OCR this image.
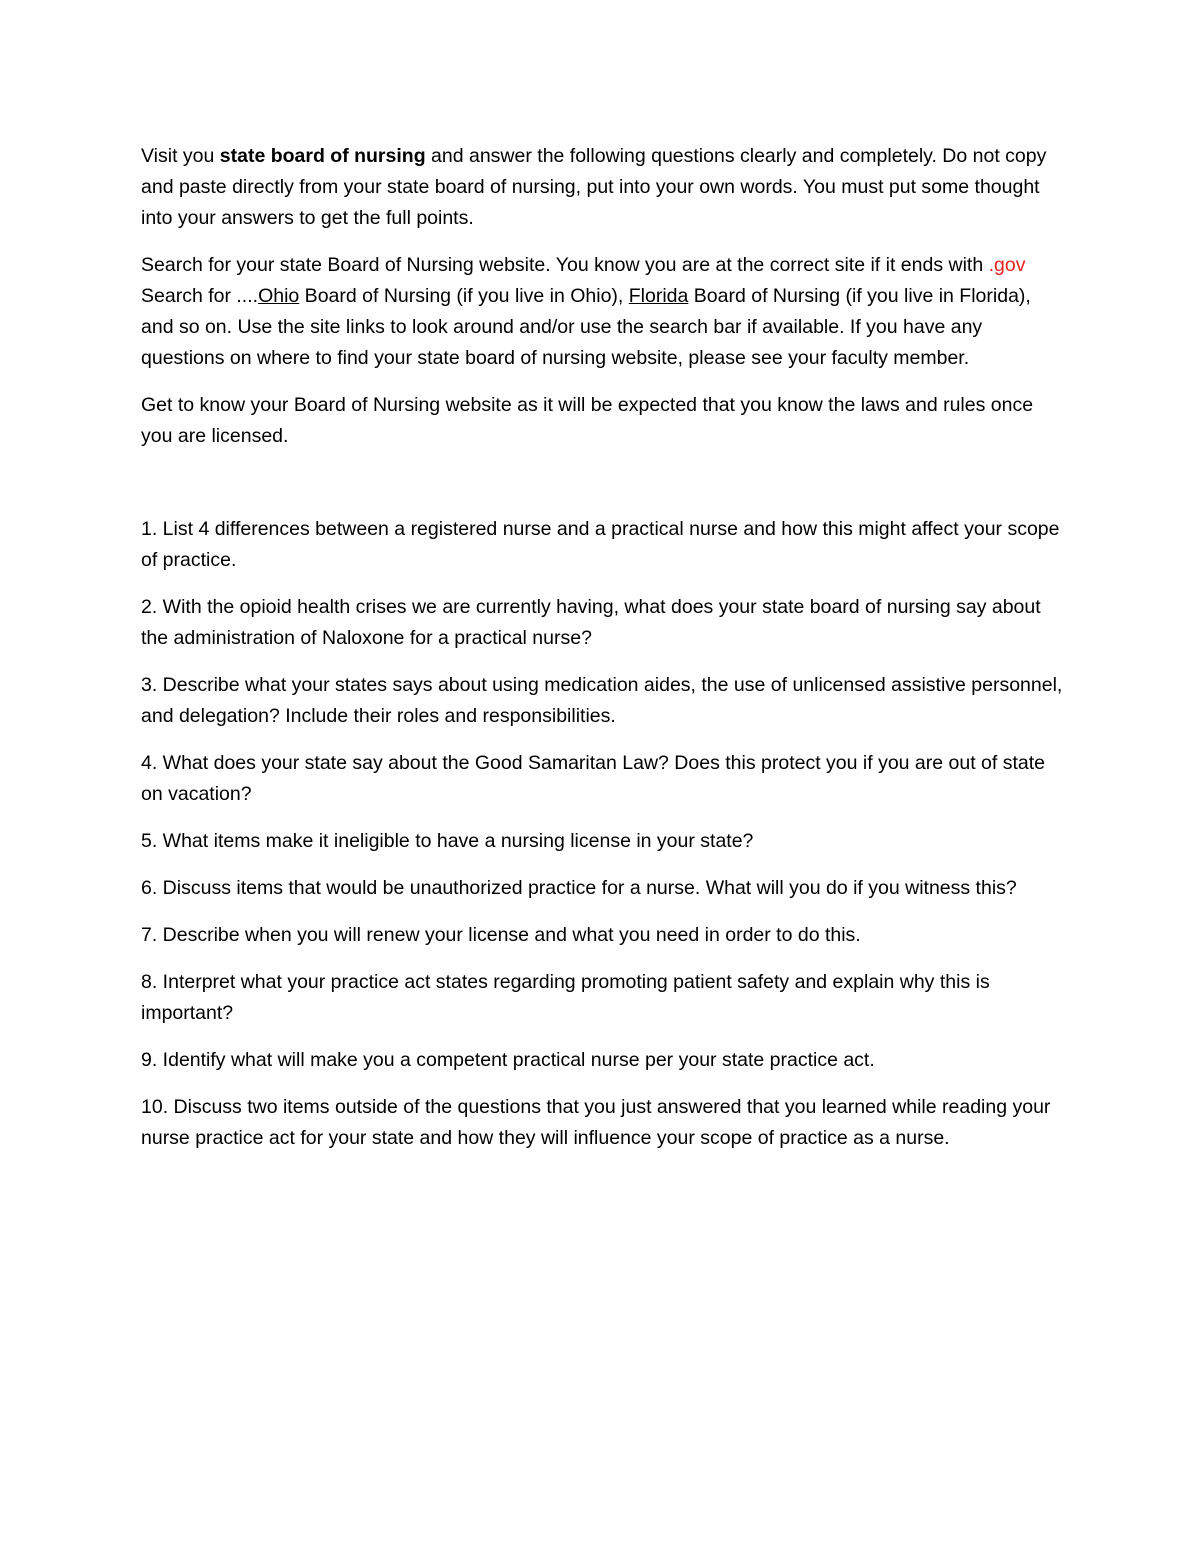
Visit you state board of nursing and answer the following questions clearly and completely. Do not copy and paste directly from your state board of nursing, put into your own words. You must put some thought into your answers to get the full points.

Search for your state Board of Nursing website. You know you are at the correct site if it ends with .gov Search for ....Ohio Board of Nursing (if you live in Ohio), Florida Board of Nursing (if you live in Florida), and so on. Use the site links to look around and/or use the search bar if available. If you have any questions on where to find your state board of nursing website, please see your faculty member.

Get to know your Board of Nursing website as it will be expected that you know the laws and rules once you are licensed.

1. List 4 differences between a registered nurse and a practical nurse and how this might affect your scope of practice.

2. With the opioid health crises we are currently having, what does your state board of nursing say about the administration of Naloxone for a practical nurse?

3. Describe what your states says about using medication aides, the use of unlicensed assistive personnel, and delegation? Include their roles and responsibilities.

4. What does your state say about the Good Samaritan Law? Does this protect you if you are out of state on vacation?

5. What items make it ineligible to have a nursing license in your state?

6. Discuss items that would be unauthorized practice for a nurse. What will you do if you witness this?

7. Describe when you will renew your license and what you need in order to do this.

8. Interpret what your practice act states regarding promoting patient safety and explain why this is important?

9. Identify what will make you a competent practical nurse per your state practice act.

10. Discuss two items outside of the questions that you just answered that you learned while reading your nurse practice act for your state and how they will influence your scope of practice as a nurse.
